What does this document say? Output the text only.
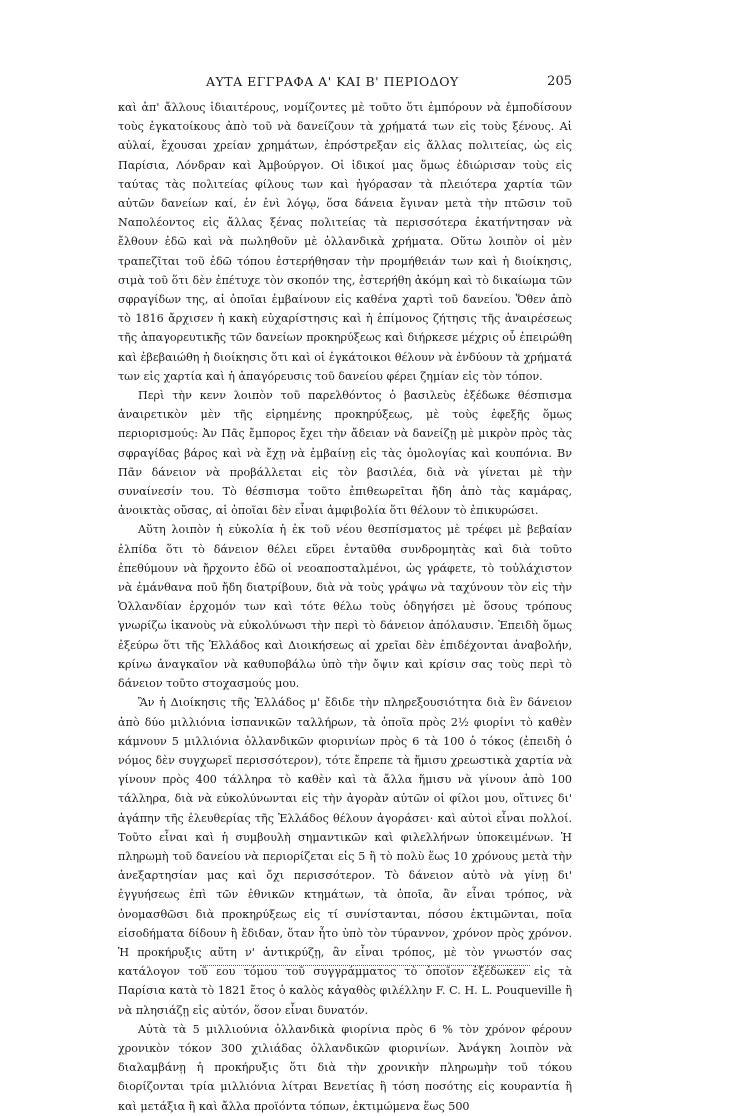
ΑΥΤΑ ΕΓΓΡΑΦΑ Α' ΚΑΙ Β' ΠΕΡΙΟΔΟΥ	205

καὶ ἀπ' ἄλλους ἰδιαιτέρους, νομίζοντες μὲ τοῦτο ὅτι ἐμπόρουν νὰ ἐμποδίσουν τοὺς ἐγκατοίκους ἀπὸ τοῦ νὰ δανείζουν τὰ χρήματά των εἰς τοὺς ξένους. Αἱ αὐλαί, ἔχουσαι χρείαν χρημάτων, ἐπρόστρεξαν εἰς ἄλλας πολιτείας, ὡς εἰς Παρίσια, Λόνδραν καὶ Ἀμβούργον. Οἱ ἰδικοί μας ὅμως ἐδιώρισαν τοὺς εἰς ταύτας τὰς πολιτείας φίλους των καὶ ἠγόρασαν τὰ πλειότερα χαρτία τῶν αὐτῶν δανείων καί, ἐν ἑνὶ λόγῳ, ὅσα δάνεια ἔγιναν μετὰ τὴν πτῶσιν τοῦ Ναπολέοντος εἰς ἄλλας ξένας πολιτείας τὰ περισσότερα ἐκατήντησαν νὰ ἔλθουν ἐδῶ καὶ νὰ πωληθοῦν μὲ ὀλλανδικὰ χρήματα. Οὕτω λοιπὸν οἱ μὲν τραπεζῖται τοῦ ἐδῶ τόπου ἐστερήθησαν τὴν προμήθειάν των καὶ ἡ διοίκησις, σιμὰ τοῦ ὅτι δὲν ἐπέτυχε τὸν σκοπόν της, ἐστερήθη ἀκόμη καὶ τὸ δικαίωμα τῶν σφραγίδων της, αἱ ὁποῖαι ἐμβαίνουν εἰς καθένα χαρτὶ τοῦ δανείου. Ὅθεν ἀπὸ τὸ 1816 ἄρχισεν ἡ κακὴ εὐχαρίστησις καὶ ἡ ἐπίμονος ζήτησις τῆς ἀναιρέσεως τῆς ἀπαγορευτικῆς τῶν δανείων προκηρύξεως καὶ διήρκεσε μέχρις οὗ ἐπειρώθη καὶ ἐβεβαιώθη ἡ διοίκησις ὅτι καὶ οἱ ἐγκάτοικοι θέλουν νὰ ἐνδύουν τὰ χρήματά των εἰς χαρτία καὶ ἡ ἀπαγόρευσις τοῦ δανείου φέρει ζημίαν εἰς τὸν τόπον.

Περὶ τὴν κενν λοιπὸν τοῦ παρελθόντος ὁ βασιλεὺς ἐξέδωκε θέσπισμα ἀναιρετικὸν μὲν τῆς εἰρημένης προκηρύξεως, μὲ τοὺς ἐφεξῆς ὅμως περιορισμούς: Ἀν Πᾶς ἔμπορος ἔχει τὴν ἄδειαν νὰ δανείζῃ μὲ μικρὸν πρὸς τὰς σφραγίδας βάρος καὶ νὰ ἔχῃ νὰ ἐμβαίνῃ εἰς τὰς ὁμολογίας καὶ κουπόνια. Βν Πᾶν δάνειον νὰ προβάλλεται εἰς τὸν βασιλέα, διὰ νὰ γίνεται μὲ τὴν συναίνεσίν του. Τὸ θέσπισμα τοῦτο ἐπιθεωρεῖται ἤδη ἀπὸ τὰς καμάρας, ἀνοικτὰς οὔσας, αἱ ὁποῖαι δὲν εἶναι ἀμφιβολία ὅτι θέλουν τὸ ἐπικυρώσει.

Αὕτη λοιπὸν ἡ εὐκολία ἡ ἐκ τοῦ νέου θεσπίσματος μὲ τρέφει μὲ βεβαίαν ἐλπίδα ὅτι τὸ δάνειον θέλει εὕρει ἐνταῦθα συνδρομητὰς καὶ διὰ τοῦτο ἐπεθύμουν νὰ ἤρχοντο ἐδῶ οἱ νεοαποσταλμένοι, ὡς γράφετε, τὸ τοὐλάχιστον νὰ ἐμάνθανα ποῦ ἤδη διατρίβουν, διὰ νὰ τοὺς γράψω νὰ ταχύνουν τὸν εἰς τὴν Ὁλλανδίαν ἐρχομόν των καὶ τότε θέλω τοὺς ὁδηγήσει μὲ ὅσους τρόπους γνωρίζω ἱκανοὺς νὰ εὐκολύνωσι τὴν περὶ τὸ δάνειον ἀπόλαυσιν. Ἐπειδὴ ὅμως ἐξεύρω ὅτι τῆς Ἑλλάδος καὶ Διοικήσεως αἱ χρεῖαι δὲν ἐπιδέχονται ἀναβολήν, κρίνω ἀναγκαῖον νὰ καθυποβάλω ὑπὸ τὴν ὄψιν καὶ κρίσιν σας τοὺς περὶ τὸ δάνειον τοῦτο στοχασμούς μου.

Ἂν ἡ Διοίκησις τῆς Ἑλλάδος μ' ἔδιδε τὴν πληρεξουσιότητα διὰ ἓν δάνειον ἀπὸ δύο μιλλιόνια ἱσπανικῶν ταλλήρων, τὰ ὁποῖα πρὸς 2½ φιορίνι τὸ καθὲν κάμνουν 5 μιλλιόνια ὀλλανδικῶν φιορινίων πρὸς 6 τὰ 100 ὁ τόκος (ἐπειδὴ ὁ νόμος δὲν συγχωρεῖ περισσότερον), τότε ἔπρεπε τὰ ἥμισυ χρεωστικὰ χαρτία νὰ γίνουν πρὸς 400 τάλληρα τὸ καθὲν καὶ τὰ ἄλλα ἥμισυ νὰ γίνουν ἀπὸ 100 τάλληρα, διὰ νὰ εὐκολύνωνται εἰς τὴν ἀγορὰν αὐτῶν οἱ φίλοι μου, οἵτινες δι' ἀγάπην τῆς ἐλευθερίας τῆς Ἑλλάδος θέλουν ἀγοράσει· καὶ αὐτοὶ εἶναι πολλοί. Τοῦτο εἶναι καὶ ἡ συμβουλὴ σημαντικῶν καὶ φιλελλήνων ὑποκειμένων. Ἡ πληρωμὴ τοῦ δανείου νὰ περιορίζεται εἰς 5 ἢ τὸ πολὺ ἕως 10 χρόνους μετὰ τὴν ἀνεξαρτησίαν μας καὶ ὄχι περισσότερον. Τὸ δάνειον αὐτὸ νὰ γίνῃ δι' ἐγγυήσεως ἐπὶ τῶν ἐθνικῶν κτημάτων, τὰ ὁποῖα, ἂν εἶναι τρόπος, νὰ ὀνομασθῶσι διὰ προκηρύξεως εἰς τί συνίστανται, πόσου ἐκτιμῶνται, ποῖα εἰσοδήματα δίδουν ἢ ἔδιδαν, ὅταν ἦτο ὑπὸ τὸν τύραννον, χρόνον πρὸς χρόνον. Ἡ προκήρυξις αὕτη ν' ἀντικρύζῃ, ἂν εἶναι τρόπος, μὲ τὸν γνωστόν σας κατάλογον τοῦ εου τόμου τοῦ συγγράμματος τὸ ὁποῖον ἐξέδωκεν εἰς τὰ Παρίσια κατὰ τὸ 1821 ἔτος ὁ καλὸς κἀγαθὸς φιλέλλην F. C. H. L. Pouqueville ἢ νὰ πλησιάζῃ εἰς αὐτόν, ὅσον εἶναι δυνατόν.

Αὐτὰ τὰ 5 μιλλιούνια ὀλλανδικὰ φιορίνια πρὸς 6 % τὸν χρόνον φέρουν χρονικὸν τόκον 300 χιλιάδας ὀλλανδικῶν φιορινίων. Ἀνάγκη λοιπὸν νὰ διαλαμβάνῃ ἡ προκήρυξις ὅτι διὰ τὴν χρονικὴν πληρωμὴν τοῦ τόκου διορίζονται τρία μιλλιόνια λίτραι Βενετίας ἢ τόση ποσότης εἰς κουραντία ἢ καὶ μετάξια ἢ καὶ ἄλλα προϊόντα τόπων, ἐκτιμώμενα ἕως 500
